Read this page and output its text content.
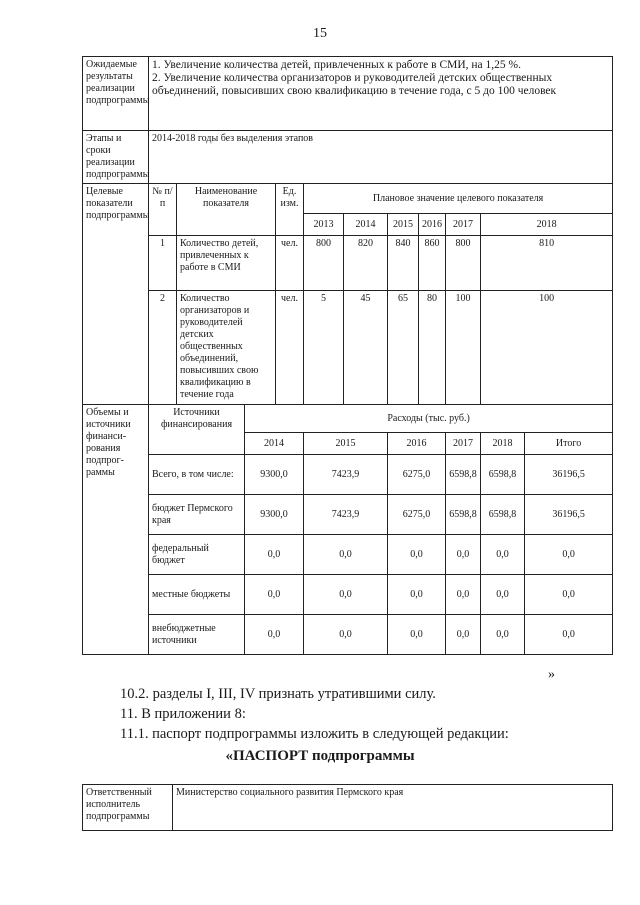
15
Ожидаемые результаты реализации подпрограммы	1. Увеличение количества детей, привлеченных к работе в СМИ, на 1,25 %.
2. Увеличение количества организаторов и руководителей детских общественных объединений, повысивших свою квалификацию в течение года, с 5 до 100 человек										

Этапы и сроки реализации подпрограммы	2014-2018 годы без выделения этапов										
Целевые показатели подпрограммы	№ п/п	Наименование показателя		Ед. изм.	Плановое значение целевого показателя						
					2013	2014	2015	2016	2017	2018	
	1	Количество детей, привлеченных к работе в СМИ		чел.	800	820	840	860	800	810	
	2	Количество организаторов и руководителей детских общественных объединений, повысивших свою квалификацию в течение года		чел.	5	45	65	80	100	100	
Объемы и источники финанси- рования подпрог- раммы	Источники финансирования		Расходы (тыс. руб.)								
			2014		2015		2016		2017	2018	Итого
	Всего, в том числе:		9300,0		7423,9		6275,0		6598,8	6598,8	36196,5
	бюджет Пермского края		9300,0		7423,9		6275,0		6598,8	6598,8	36196,5
	федеральный бюджет		0,0		0,0		0,0		0,0	0,0	0,0
	местные бюджеты		0,0		0,0		0,0		0,0	0,0	0,0
	внебюджетные источники		0,0		0,0		0,0		0,0	0,0	0,0
»
10.2. разделы I, III, IV признать утратившими силу.
11. В приложении 8:
11.1. паспорт подпрограммы изложить в следующей редакции:
«ПАСПОРТ подпрограммы
Ответственный исполнитель подпрограммы	Министерство социального развития Пермского края
